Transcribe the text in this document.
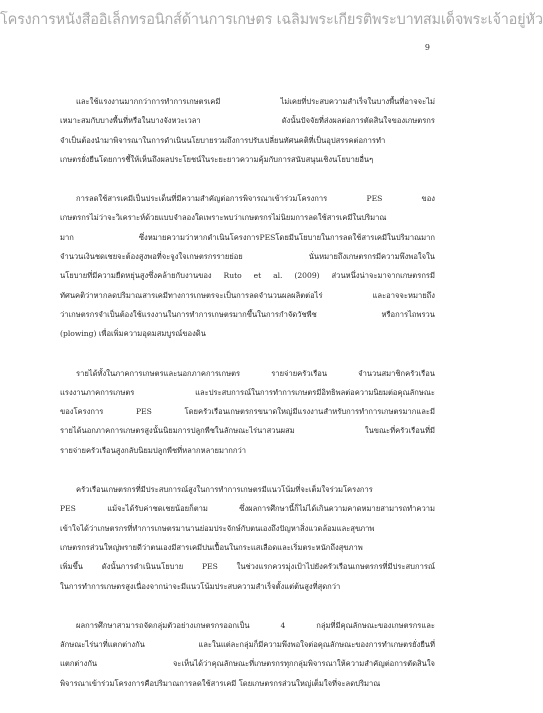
โครงการหนังสืออิเล็กทรอนิกส์ด้านการเกษตร เฉลิมพระเกียรติพระบาทสมเด็จพระเจ้าอยู่หัว
9
และใช้แรงงานมากกว่าการทำการเกษตรเคมี ไม่เคยที่ประสบความสำเร็จในบางพื้นที่อาจจะไม่
เหมาะสมกับบางพื้นที่หรือในบางจังหวะเวลา ดังนั้นปัจจัยที่ส่งผลต่อการตัดสินใจของเกษตรกร
จำเป็นต้องนำมาพิจารณาในการดำเนินนโยบายรวมถึงการปรับเปลี่ยนทัศนคติที่เป็นอุปสรรคต่อการทำ
เกษตรยั่งยืนโดยการชี้ให้เห็นถึงผลประโยชน์ในระยะยาวความคุ้มกับการสนับสนุนเชิงนโยบายอื่นๆ
การลดใช้สารเคมีเป็นประเด็นที่มีความสำคัญต่อการพิจารณาเข้าร่วมโครงการ PES ของ
เกษตรกรไม่ว่าจะวิเคราะห์ด้วยแบบจำลองใดเพราะพบว่าเกษตรกรไม่นิยมการลดใช้สารเคมีในปริมาณ
มาก ซึ่งหมายความว่าหากดำเนินโครงการPESโดยมีนโยบายในการลดใช้สารเคมีในปริมาณมาก
จำนวนเงินชดเชยจะต้องสูงพอที่จะจูงใจเกษตรกรรายย่อย นั่นหมายถึงเกษตรกรมีความพึงพอใจใน
นโยบายที่มีความยืดหยุ่นสูงซึ่งคล้ายกับงานของ Ruto et al. (2009) ส่วนหนึ่งน่าจะมาจากเกษตรกรมี
ทัศนคติว่าหากลดปริมาณสารเคมีทางการเกษตรจะเป็นการลดจำนวนผลผลิตต่อไร่ และอาจจะหมายถึง
ว่าเกษตรกรจำเป็นต้องใช้แรงงานในการทำการเกษตรมากขึ้นในการกำจัดวัชพืช หรือการไถพรวน
(plowing) เพื่อเพิ่มความอุดมสมบูรณ์ของดิน
รายได้ทั้งในภาคการเกษตรและนอกภาคการเกษตร รายจ่ายครัวเรือน จำนวนสมาชิกครัวเรือน
แรงงานภาคการเกษตร และประสบการณ์ในการทำการเกษตรมีอิทธิพลต่อความนิยมต่อคุณลักษณะ
ของโครงการ PES โดยครัวเรือนเกษตรกรขนาดใหญ่มีแรงงานสำหรับการทำการเกษตรมากและมี
รายได้นอกภาคการเกษตรสูงนั้นนิยมการปลูกพืชในลักษณะไร่นาสวนผสม ในขณะที่ครัวเรือนที่มี
รายจ่ายครัวเรือนสูงกลับนิยมปลูกพืชที่หลากหลายมากกว่า
ครัวเรือนเกษตรกรที่มีประสบการณ์สูงในการทำการเกษตรมีแนวโน้มที่จะเต็มใจร่วมโครงการ
PES แม้จะได้รับค่าชดเชยน้อยก็ตาม ซึ่งผลการศึกษานี้ก็ไม่ได้เกินความคาดหมายสามารถทำความ
เข้าใจได้ว่าเกษตรกรที่ทำการเกษตรมานานย่อมประจักษ์กับตนเองถึงปัญหาสิ่งแวดล้อมและสุขภาพ
เกษตรกรส่วนใหญ่พรายดีว่าตนเองมีสารเคมีปนเปื้อนในกระแสเลือดและเริ่มตระหนักถึงสุขภาพ
เพิ่มขึ้น ดังนั้นการดำเนินนโยบาย PES ในช่วงแรกควรมุ่งเป้าไปยังครัวเรือนเกษตรกรที่มีประสบการณ์
ในการทำการเกษตรสูงเนื่องจากน่าจะมีแนวโน้มประสบความสำเร็จตั้งแต่ต้นสูงที่สุดกว่า
ผลการศึกษาสามารถจัดกลุ่มตัวอย่างเกษตรกรออกเป็น 4 กลุ่มที่มีคุณลักษณะของเกษตรกรและ
ลักษณะไร่นาที่แตกต่างกัน และในแต่ละกลุ่มก็มีความพึงพอใจต่อคุณลักษณะของการทำเกษตรยั่งยืนที่
แตกต่างกัน จะเห็นได้ว่าคุณลักษณะที่เกษตรกรทุกกลุ่มพิจารณาให้ความสำคัญต่อการตัดสินใจ
พิจารณาเข้าร่วมโครงการคือปริมาณการลดใช้สารเคมี โดยเกษตรกรส่วนใหญ่เต็มใจที่จะลดปริมาณ
